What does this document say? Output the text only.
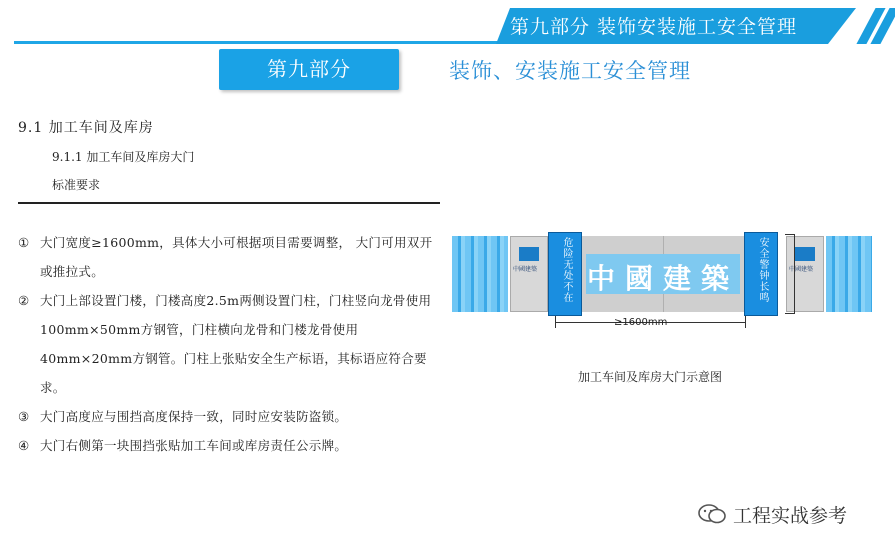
第九部分 装饰安装施工安全管理
第九部分	装饰、安装施工安全管理
9.1 加工车间及库房
9.1.1 加工车间及库房大门
标准要求
① 大门宽度≥1600mm，具体大小可根据项目需要调整， 大门可用双开或推拉式。
② 大门上部设置门楼，门楼高度2.5m两侧设置门柱，门柱竖向龙骨使用100mm×50mm方钢管，门柱横向龙骨和门楼龙骨使用40mm×20mm方钢管。门柱上张贴安全生产标语，其标语应符合要求。
③ 大门高度应与围挡高度保持一致，同时应安装防盗锁。
④ 大门右侧第一块围挡张贴加工车间或库房责任公示牌。
中國建築 中國建築
危险无处不在	安全警钟长鸣	中國建築
≥1600mm
加工车间及库房大门示意图
工程实战参考
